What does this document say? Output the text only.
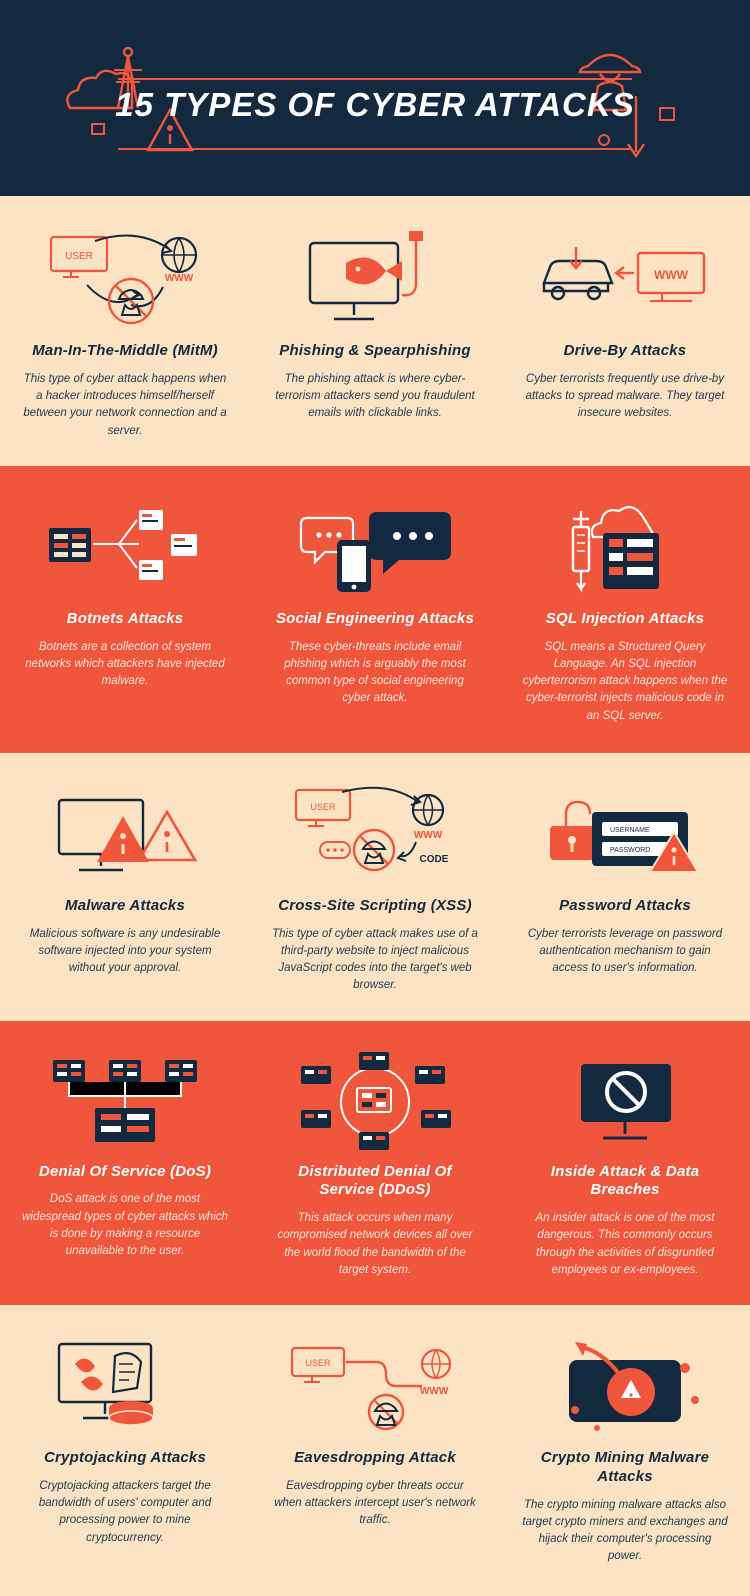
15 TYPES OF CYBER ATTACKS
USER
WWW
Man-In-The-Middle (MitM)
This type of cyber attack happens when a hacker introduces himself/herself between your network connection and a server.
Phishing & Spearphishing
The phishing attack is where cyber-terrorism attackers send you fraudulent emails with clickable links.
WWW
Drive-By Attacks
Cyber terrorists frequently use drive-by attacks to spread malware. They target insecure websites.
Botnets Attacks
Botnets are a collection of system networks which attackers have injected malware.
Social Engineering Attacks
These cyber-threats include email phishing which is arguably the most common type of social engineering cyber attack.
SQL Injection Attacks
SQL means a Structured Query Language. An SQL injection cyberterrorism attack happens when the cyber-terrorist injects malicious code in an SQL server.
Malware Attacks
Malicious software is any undesirable software injected into your system without your approval.
USER
WWW
CODE
Cross-Site Scripting (XSS)
This type of cyber attack makes use of a third-party website to inject malicious JavaScript codes into the target's web browser.
USERNAME
PASSWORD
Password Attacks
Cyber terrorists leverage on password authentication mechanism to gain access to user's information.
Denial Of Service (DoS)
DoS attack is one of the most widespread types of cyber attacks which is done by making a resource unavailable to the user.
Distributed Denial Of Service (DDoS)
This attack occurs when many compromised network devices all over the world flood the bandwidth of the target system.
Inside Attack & Data Breaches
An insider attack is one of the most dangerous. This commonly occurs through the activities of disgruntled employees or ex-employees.
Cryptojacking Attacks
Cryptojacking attackers target the bandwidth of users' computer and processing power to mine cryptocurrency.
USER
WWW
Eavesdropping Attack
Eavesdropping cyber threats occur when attackers intercept user's network traffic.
Crypto Mining Malware Attacks
The crypto mining malware attacks also target crypto miners and exchanges and hijack their computer's processing power.
